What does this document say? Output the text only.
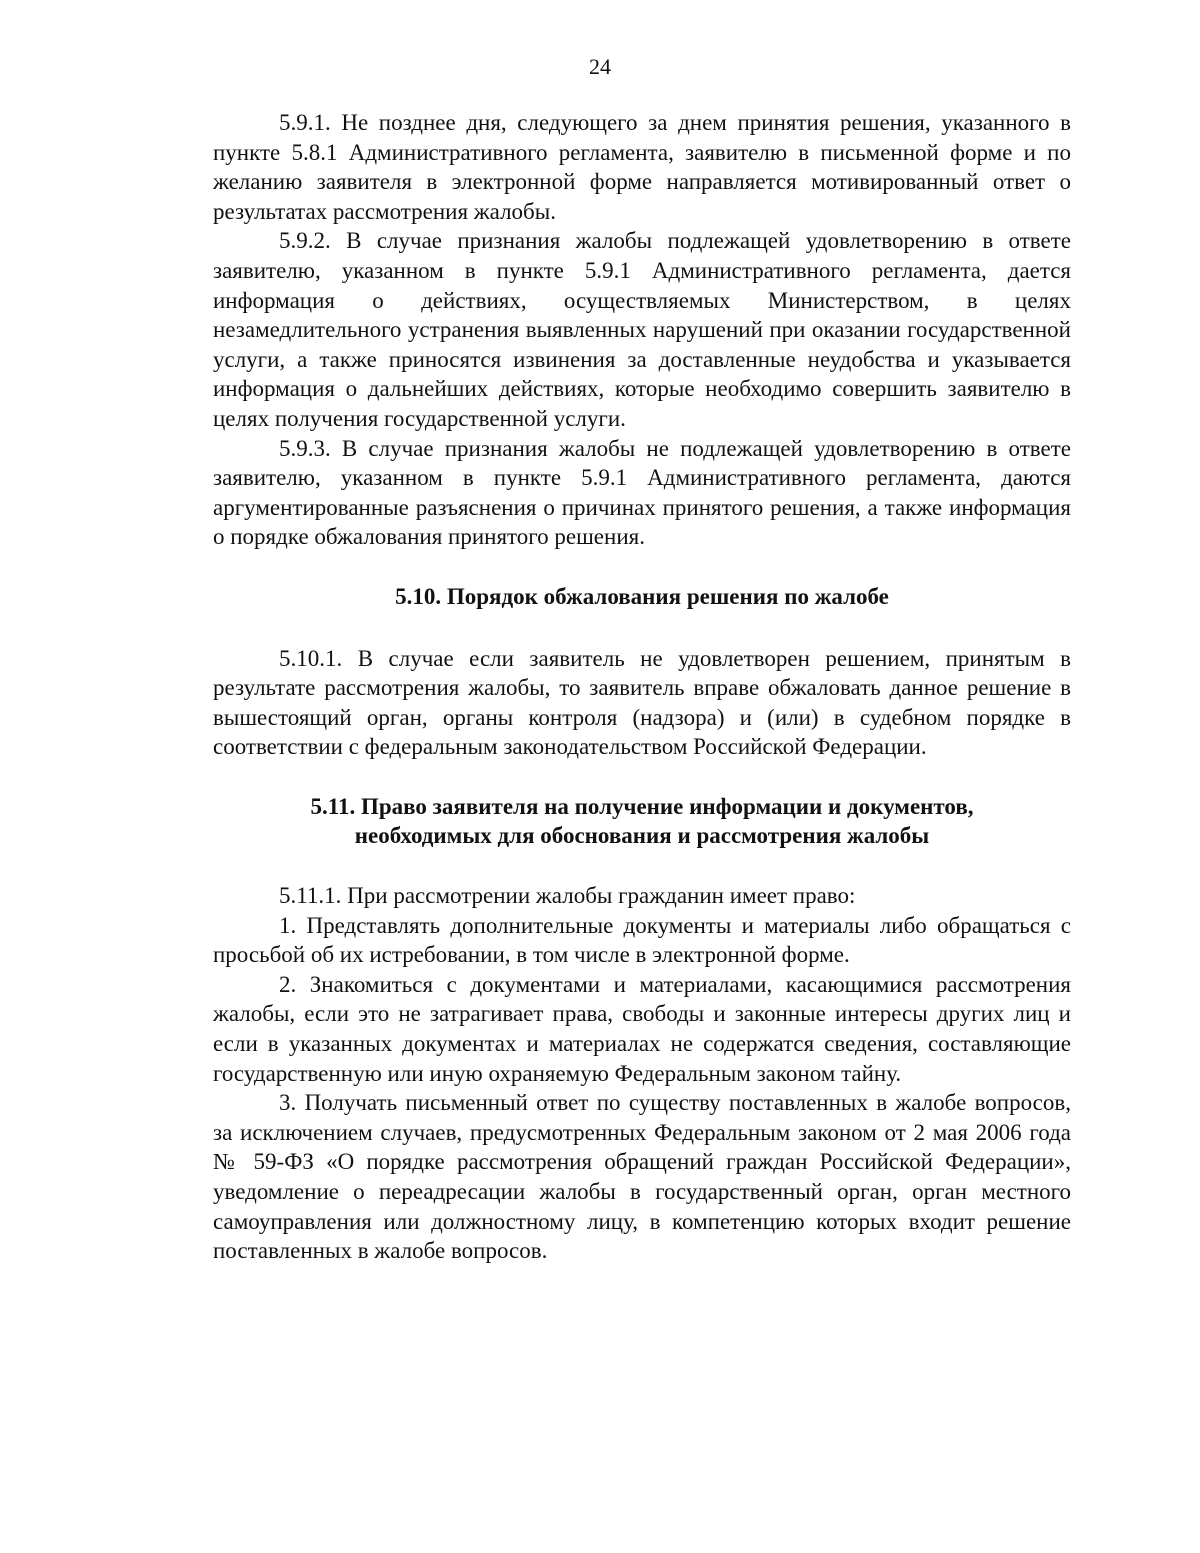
24

5.9.1. Не позднее дня, следующего за днем принятия решения, указанного в пункте 5.8.1 Административного регламента, заявителю в письменной форме и по желанию заявителя в электронной форме направляется мотивированный ответ о результатах рассмотрения жалобы.

5.9.2. В случае признания жалобы подлежащей удовлетворению в ответе заявителю, указанном в пункте 5.9.1 Административного регламента, дается информация о действиях, осуществляемых Министерством, в целях незамедлительного устранения выявленных нарушений при оказании государственной услуги, а также приносятся извинения за доставленные неудобства и указывается информация о дальнейших действиях, которые необходимо совершить заявителю в целях получения государственной услуги.

5.9.3. В случае признания жалобы не подлежащей удовлетворению в ответе заявителю, указанном в пункте 5.9.1 Административного регламента, даются аргументированные разъяснения о причинах принятого решения, а также информация о порядке обжалования принятого решения.

5.10. Порядок обжалования решения по жалобе

5.10.1. В случае если заявитель не удовлетворен решением, принятым в результате рассмотрения жалобы, то заявитель вправе обжаловать данное решение в вышестоящий орган, органы контроля (надзора) и (или) в судебном порядке в соответствии с федеральным законодательством Российской Федерации.

5.11. Право заявителя на получение информации и документов,
необходимых для обоснования и рассмотрения жалобы

5.11.1. При рассмотрении жалобы гражданин имеет право:

1. Представлять дополнительные документы и материалы либо обращаться с просьбой об их истребовании, в том числе в электронной форме.

2. Знакомиться с документами и материалами, касающимися рассмотрения жалобы, если это не затрагивает права, свободы и законные интересы других лиц и если в указанных документах и материалах не содержатся сведения, составляющие государственную или иную охраняемую Федеральным законом тайну.

3. Получать письменный ответ по существу поставленных в жалобе вопросов, за исключением случаев, предусмотренных Федеральным законом от 2 мая 2006 года № 59-ФЗ «О порядке рассмотрения обращений граждан Российской Федерации», уведомление о переадресации жалобы в государственный орган, орган местного самоуправления или должностному лицу, в компетенцию которых входит решение поставленных в жалобе вопросов.
